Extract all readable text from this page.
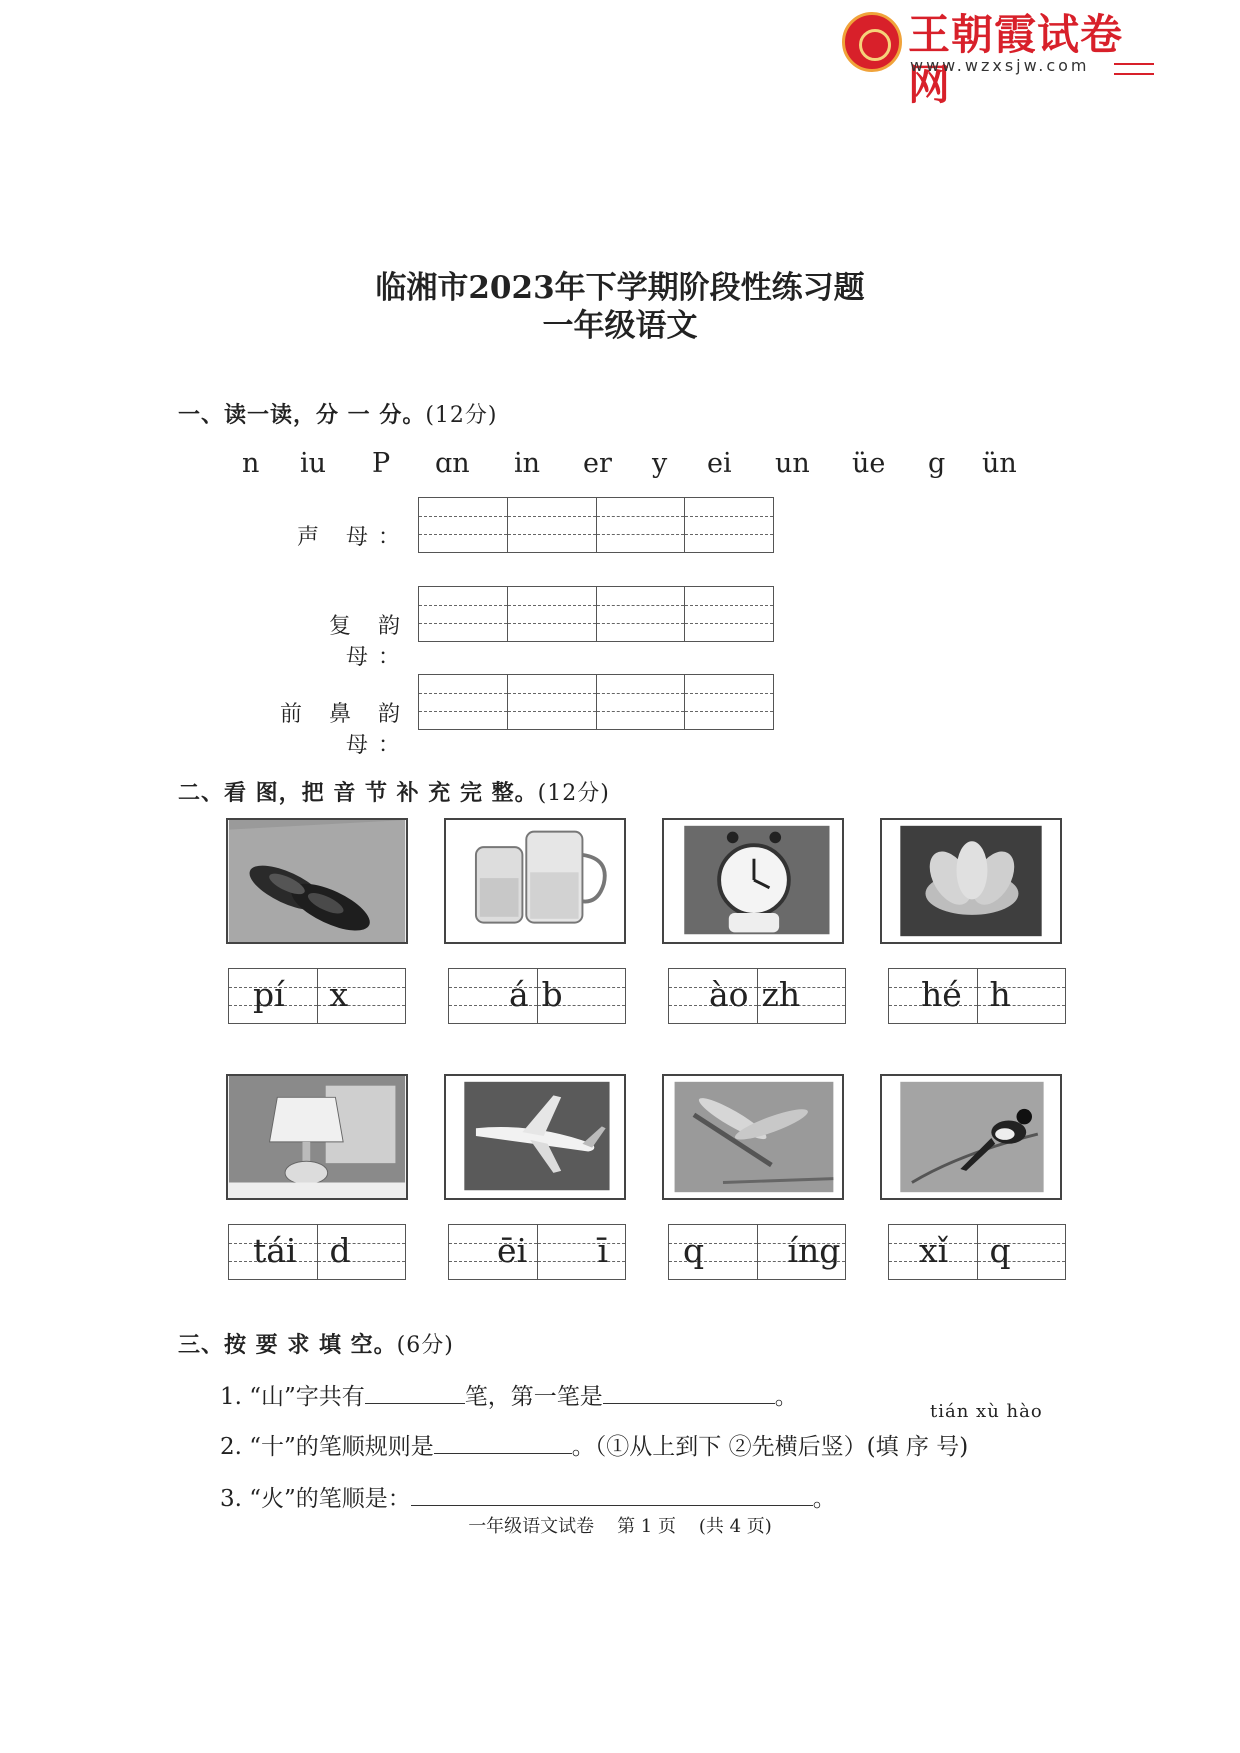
王朝霞试卷网
www.wzxsjw.com
临湘市2023年下学期阶段性练习题
一年级语文
一、读一读，分 一 分。(12分)
n iu P ɑn in er y ei un üe g ün
声 母：
复 韵 母：
前 鼻 韵 母：
二、看 图，把 音 节 补 充 完 整。(12分)
pí x	á b	ào zh	hé h
tái d	ēi ī q	íng xǐ q
三、按 要 求 填 空。(6分)
1. “山”字共有	笔，第一笔是	。
tián xù hào
2. “十”的笔顺规则是	。（①从上到下 ②先横后竖）(填 序 号)
3. “火”的笔顺是：	。
一年级语文试卷    第 1 页    (共 4 页)
